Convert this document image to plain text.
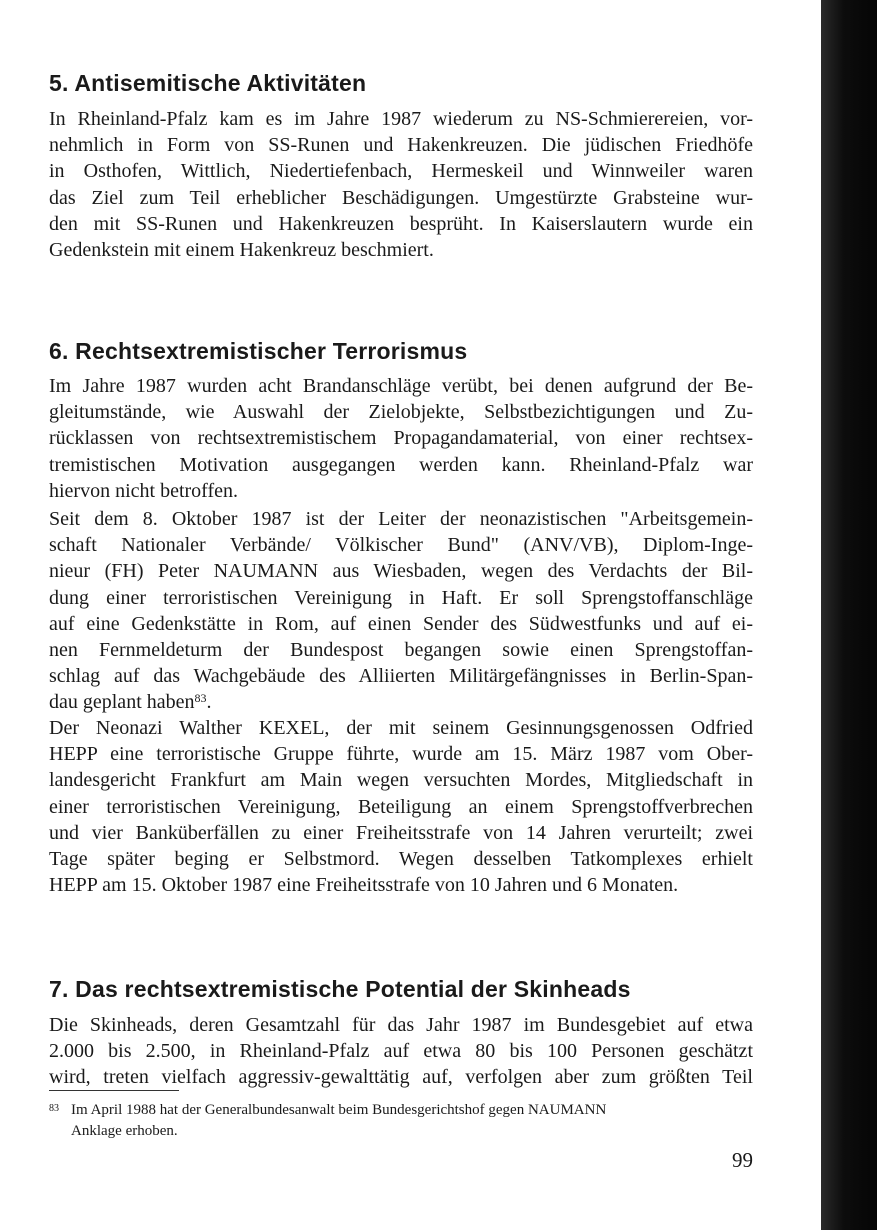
5. Antisemitische Aktivitäten
In Rheinland-Pfalz kam es im Jahre 1987 wiederum zu NS-Schmierereien, vor-
nehmlich in Form von SS-Runen und Hakenkreuzen. Die jüdischen Friedhöfe
in Osthofen, Wittlich, Niedertiefenbach, Hermeskeil und Winnweiler waren
das Ziel zum Teil erheblicher Beschädigungen. Umgestürzte Grabsteine wur-
den mit SS-Runen und Hakenkreuzen besprüht. In Kaiserslautern wurde ein
Gedenkstein mit einem Hakenkreuz beschmiert.
6. Rechtsextremistischer Terrorismus
Im Jahre 1987 wurden acht Brandanschläge verübt, bei denen aufgrund der Be-
gleitumstände, wie Auswahl der Zielobjekte, Selbstbezichtigungen und Zu-
rücklassen von rechtsextremistischem Propagandamaterial, von einer rechtsex-
tremistischen Motivation ausgegangen werden kann. Rheinland-Pfalz war
hiervon nicht betroffen.
Seit dem 8. Oktober 1987 ist der Leiter der neonazistischen "Arbeitsgemein-
schaft Nationaler Verbände/ Völkischer Bund" (ANV/VB), Diplom-Inge-
nieur (FH) Peter NAUMANN aus Wiesbaden, wegen des Verdachts der Bil-
dung einer terroristischen Vereinigung in Haft. Er soll Sprengstoffanschläge
auf eine Gedenkstätte in Rom, auf einen Sender des Südwestfunks und auf ei-
nen Fernmeldeturm der Bundespost begangen sowie einen Sprengstoffan-
schlag auf das Wachgebäude des Alliierten Militärgefängnisses in Berlin-Span-
dau geplant haben$^{83}$.
Der Neonazi Walther KEXEL, der mit seinem Gesinnungsgenossen Odfried
HEPP eine terroristische Gruppe führte, wurde am 15. März 1987 vom Ober-
landesgericht Frankfurt am Main wegen versuchten Mordes, Mitgliedschaft in
einer terroristischen Vereinigung, Beteiligung an einem Sprengstoffverbrechen
und vier Banküberfällen zu einer Freiheitsstrafe von 14 Jahren verurteilt; zwei
Tage später beging er Selbstmord. Wegen desselben Tatkomplexes erhielt
HEPP am 15. Oktober 1987 eine Freiheitsstrafe von 10 Jahren und 6 Monaten.
7. Das rechtsextremistische Potential der Skinheads
Die Skinheads, deren Gesamtzahl für das Jahr 1987 im Bundesgebiet auf etwa
2.000 bis 2.500, in Rheinland-Pfalz auf etwa 80 bis 100 Personen geschätzt
wird, treten vielfach aggressiv-gewalttätig auf, verfolgen aber zum größten Teil

83 Im April 1988 hat der Generalbundesanwalt beim Bundesgerichtshof gegen NAUMANN
Anklage erhoben.

99
